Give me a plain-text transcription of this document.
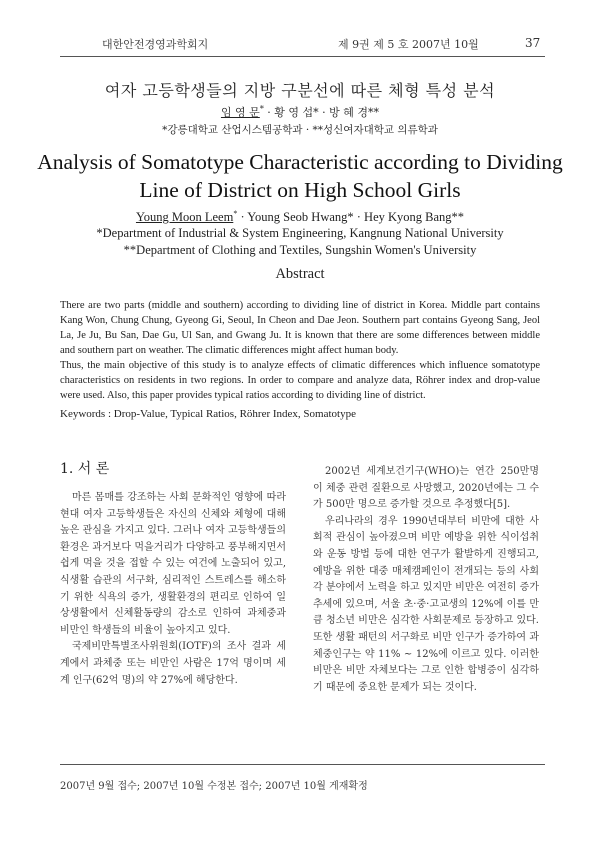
대한안전경영과학회지	제 9권 제 5 호 2007년 10월	37
여자 고등학생들의 지방 구분선에 따른 체형 특성 분석
임 영 문* · 황 영 섭* · 방 혜 경**
*강릉대학교 산업시스템공학과 · **성신여자대학교 의류학과
Analysis of Somatotype Characteristic according to Dividing
Line of District on High School Girls
Young Moon Leem* · Young Seob Hwang* · Hey Kyong Bang**
*Department of Industrial & System Engineering, Kangnung National University
**Department of Clothing and Textiles, Sungshin Women's University
Abstract

There are two parts (middle and southern) according to dividing line of district in Korea. Middle part contains Kang Won, Chung Chung, Gyeong Gi, Seoul, In Cheon and Dae Jeon. Southern part contains Gyeong Sang, Jeol La, Je Ju, Bu San, Dae Gu, Ul San, and Gwang Ju. It is known that there are some differences between middle and southern part on weather. The climatic differences might affect human body.

Thus, the main objective of this study is to analyze effects of climatic differences which influence somatotype characteristics on residents in two regions. In order to compare and analyze data, Röhrer index and drop-value were used. Also, this paper provides typical ratios according to dividing line of district.

Keywords : Drop-Value, Typical Ratios, Röhrer Index, Somatotype
1. 서 론

마른 몸매를 강조하는 사회 문화적인 영향에 따라 현대 여자 고등학생들은 자신의 신체와 체형에 대해 높은 관심을 가지고 있다. 그러나 여자 고등학생들의 환경은 과거보다 먹을거리가 다양하고 풍부해지면서 쉽게 먹을 것을 접할 수 있는 여건에 노출되어 있고, 식생활 습관의 서구화, 심리적인 스트레스를 해소하기 위한 식욕의 증가, 생활환경의 편리로 인하여 일상생활에서 신체활동량의 감소로 인하여 과체중과 비만인 학생들의 비율이 높아지고 있다.

국제비만특별조사위원회(IOTF)의 조사 결과 세계에서 과체중 또는 비만인 사람은 17억 명이며 세계 인구(62억 명)의 약 27%에 해당한다.

2002년 세계보건기구(WHO)는 연간 250만명이 체중 관련 질환으로 사망했고, 2020년에는 그 수가 500만 명으로 증가할 것으로 추정했다[5].

우리나라의 경우 1990년대부터 비만에 대한 사회적 관심이 높아졌으며 비만 예방을 위한 식이섭취와 운동 방법 등에 대한 연구가 활발하게 진행되고, 예방을 위한 대중 매체캠페인이 전개되는 등의 사회 각 분야에서 노력을 하고 있지만 비만은 여전히 증가추세에 있으며, 서울 초·중·고교생의 12%에 이를 만큼 청소년 비만은 심각한 사회문제로 등장하고 있다. 또한 생활 패턴의 서구화로 비만 인구가 증가하여 과체중인구는 약 11% ~ 12%에 이르고 있다. 이러한 비만은 비만 자체보다는 그로 인한 합병증이 심각하기 때문에 중요한 문제가 되는 것이다.

2007년 9월 접수; 2007년 10월 수정본 접수; 2007년 10월 게재확정
